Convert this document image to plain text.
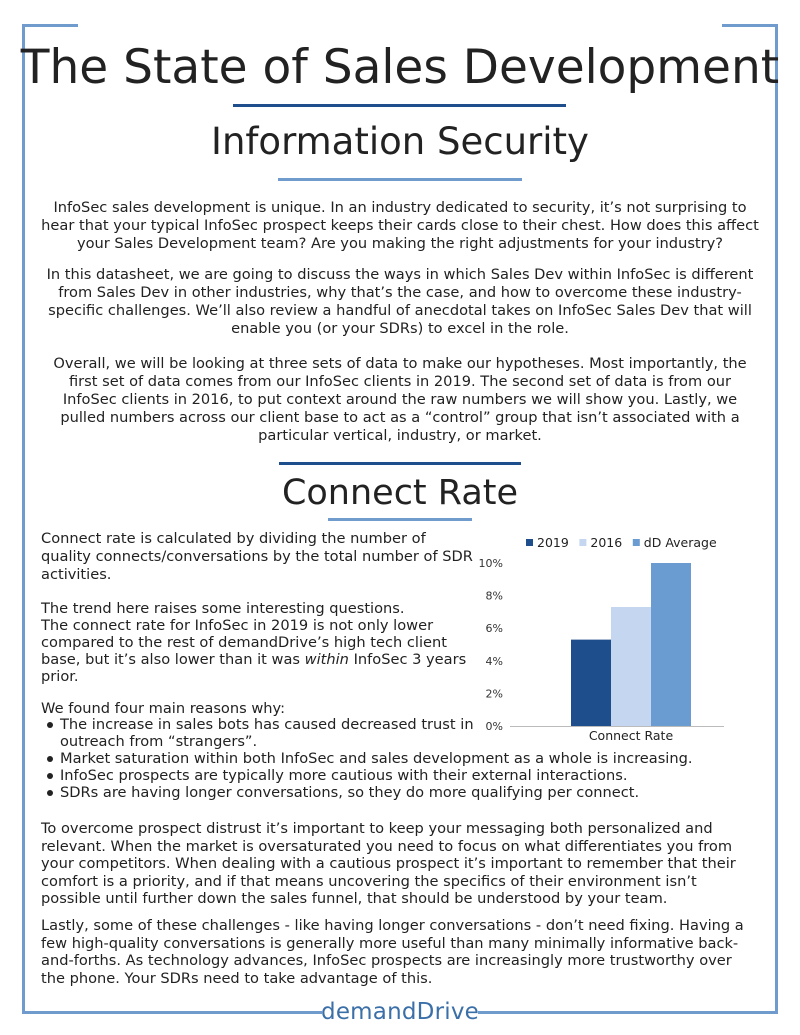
The State of Sales Development
Information Security

InfoSec sales development is unique. In an industry dedicated to security, it’s not surprising to hear that your typical InfoSec prospect keeps their cards close to their chest. How does this affect your Sales Development team? Are you making the right adjustments for your industry?

In this datasheet, we are going to discuss the ways in which Sales Dev within InfoSec is different from Sales Dev in other industries, why that’s the case, and how to overcome these industry-specific challenges. We’ll also review a handful of anecdotal takes on InfoSec Sales Dev that will enable you (or your SDRs) to excel in the role.

Overall, we will be looking at three sets of data to make our hypotheses. Most importantly, the first set of data comes from our InfoSec clients in 2019. The second set of data is from our InfoSec clients in 2016, to put context around the raw numbers we will show you. Lastly, we pulled numbers across our client base to act as a “control” group that isn’t associated with a particular vertical, industry, or market.

Connect Rate

Connect rate is calculated by dividing the number of quality connects/conversations by the total number of SDR activities.

The trend here raises some interesting questions.
The connect rate for InfoSec in 2019 is not only lower compared to the rest of demandDrive’s high tech client base, but it’s also lower than it was within InfoSec 3 years prior.

We found four main reasons why:

The increase in sales bots has caused decreased trust in outreach from “strangers”.
Market saturation within both InfoSec and sales development as a whole is increasing.
InfoSec prospects are typically more cautious with their external interactions.
SDRs are having longer conversations, so they do more qualifying per connect.

To overcome prospect distrust it’s important to keep your messaging both personalized and relevant. When the market is oversaturated you need to focus on what differentiates you from your competitors. When dealing with a cautious prospect it’s important to remember that their comfort is a priority, and if that means uncovering the specifics of their environment isn’t possible until further down the sales funnel, that should be understood by your team.

Lastly, some of these challenges - like having longer conversations - don’t need fixing. Having a few high-quality conversations is generally more useful than many minimally informative back-and-forths. As technology advances, InfoSec prospects are increasingly more trustworthy over the phone. Your SDRs need to take advantage of this.

2019 2016 dD Average
0%
2%
4%
6%
8%
10%
Connect Rate
demandDrive
